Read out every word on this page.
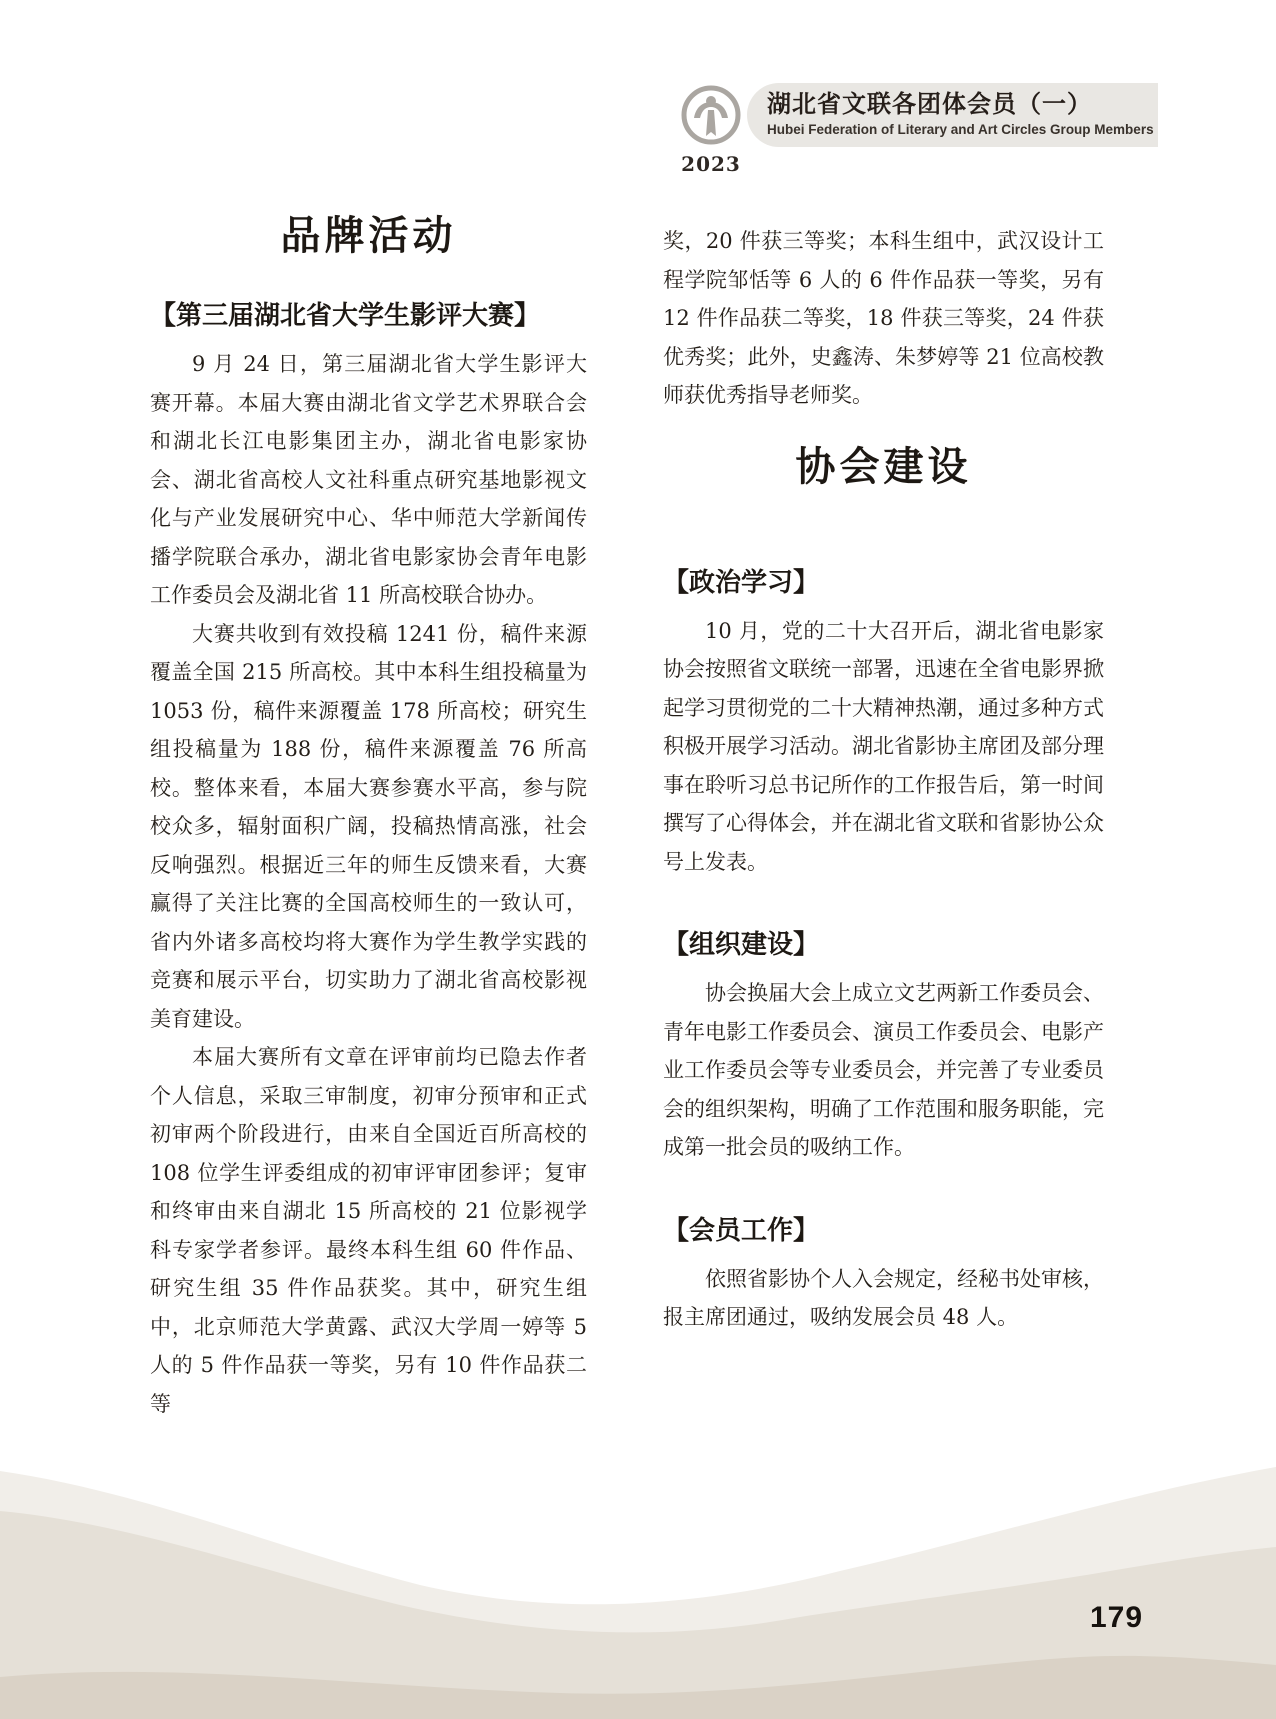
2023
湖北省文联各团体会员（一）
Hubei Federation of Literary and Art Circles Group Members
品牌活动
【第三届湖北省大学生影评大赛】

9 月 24 日，第三届湖北省大学生影评大赛开幕。本届大赛由湖北省文学艺术界联合会和湖北长江电影集团主办，湖北省电影家协会、湖北省高校人文社科重点研究基地影视文化与产业发展研究中心、华中师范大学新闻传播学院联合承办，湖北省电影家协会青年电影工作委员会及湖北省 11 所高校联合协办。

大赛共收到有效投稿 1241 份，稿件来源覆盖全国 215 所高校。其中本科生组投稿量为 1053 份，稿件来源覆盖 178 所高校；研究生组投稿量为 188 份，稿件来源覆盖 76 所高校。整体来看，本届大赛参赛水平高，参与院校众多，辐射面积广阔，投稿热情高涨，社会反响强烈。根据近三年的师生反馈来看，大赛赢得了关注比赛的全国高校师生的一致认可，省内外诸多高校均将大赛作为学生教学实践的竞赛和展示平台，切实助力了湖北省高校影视美育建设。

本届大赛所有文章在评审前均已隐去作者个人信息，采取三审制度，初审分预审和正式初审两个阶段进行，由来自全国近百所高校的 108 位学生评委组成的初审评审团参评；复审和终审由来自湖北 15 所高校的 21 位影视学科专家学者参评。最终本科生组 60 件作品、研究生组 35 件作品获奖。其中，研究生组中，北京师范大学黄露、武汉大学周一婷等 5 人的 5 件作品获一等奖，另有 10 件作品获二等

奖，20 件获三等奖；本科生组中，武汉设计工程学院邹恬等 6 人的 6 件作品获一等奖，另有 12 件作品获二等奖，18 件获三等奖，24 件获优秀奖；此外，史鑫涛、朱梦婷等 21 位高校教师获优秀指导老师奖。

协会建设
【政治学习】

10 月，党的二十大召开后，湖北省电影家协会按照省文联统一部署，迅速在全省电影界掀起学习贯彻党的二十大精神热潮，通过多种方式积极开展学习活动。湖北省影协主席团及部分理事在聆听习总书记所作的工作报告后，第一时间撰写了心得体会，并在湖北省文联和省影协公众号上发表。

【组织建设】

协会换届大会上成立文艺两新工作委员会、青年电影工作委员会、演员工作委员会、电影产业工作委员会等专业委员会，并完善了专业委员会的组织架构，明确了工作范围和服务职能，完成第一批会员的吸纳工作。

【会员工作】

依照省影协个人入会规定，经秘书处审核，报主席团通过，吸纳发展会员 48 人。

179
